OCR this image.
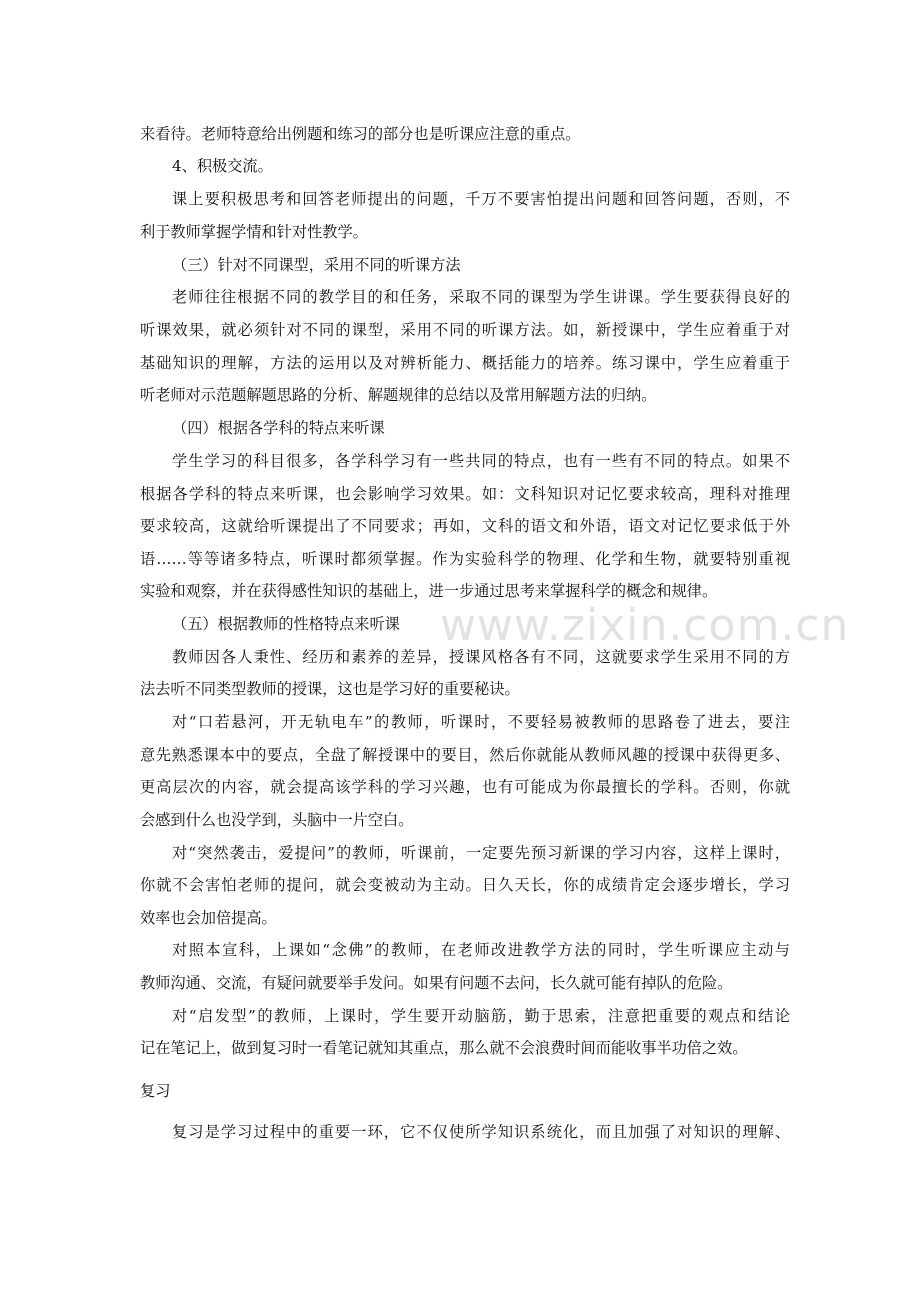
www.zixin.com.cn
来看待。老师特意给出例题和练习的部分也是听课应注意的重点。
4、积极交流。
课上要积极思考和回答老师提出的问题，千万不要害怕提出问题和回答问题，否则，不
利于教师掌握学情和针对性教学。
（三）针对不同课型，采用不同的听课方法
老师往往根据不同的教学目的和任务，采取不同的课型为学生讲课。学生要获得良好的
听课效果，就必须针对不同的课型，采用不同的听课方法。如，新授课中，学生应着重于对
基础知识的理解，方法的运用以及对辨析能力、概括能力的培养。练习课中，学生应着重于
听老师对示范题解题思路的分析、解题规律的总结以及常用解题方法的归纳。
（四）根据各学科的特点来听课
学生学习的科目很多，各学科学习有一些共同的特点，也有一些有不同的特点。如果不
根据各学科的特点来听课，也会影响学习效果。如：文科知识对记忆要求较高，理科对推理
要求较高，这就给听课提出了不同要求；再如，文科的语文和外语，语文对记忆要求低于外
语……等等诸多特点，听课时都须掌握。作为实验科学的物理、化学和生物，就要特别重视
实验和观察，并在获得感性知识的基础上，进一步通过思考来掌握科学的概念和规律。
（五）根据教师的性格特点来听课
教师因各人秉性、经历和素养的差异，授课风格各有不同，这就要求学生采用不同的方
法去听不同类型教师的授课，这也是学习好的重要秘诀。
对“口若悬河，开无轨电车”的教师，听课时，不要轻易被教师的思路卷了进去，要注
意先熟悉课本中的要点，全盘了解授课中的要目，然后你就能从教师风趣的授课中获得更多、
更高层次的内容，就会提高该学科的学习兴趣，也有可能成为你最擅长的学科。否则，你就
会感到什么也没学到，头脑中一片空白。
对“突然袭击，爱提问”的教师，听课前，一定要先预习新课的学习内容，这样上课时，
你就不会害怕老师的提问，就会变被动为主动。日久天长，你的成绩肯定会逐步增长，学习
效率也会加倍提高。
对照本宣科，上课如“念佛”的教师，在老师改进教学方法的同时，学生听课应主动与
教师沟通、交流，有疑问就要举手发问。如果有问题不去问，长久就可能有掉队的危险。
对“启发型”的教师，上课时，学生要开动脑筋，勤于思索，注意把重要的观点和结论
记在笔记上，做到复习时一看笔记就知其重点，那么就不会浪费时间而能收事半功倍之效。
复习
复习是学习过程中的重要一环，它不仅使所学知识系统化，而且加强了对知识的理解、
